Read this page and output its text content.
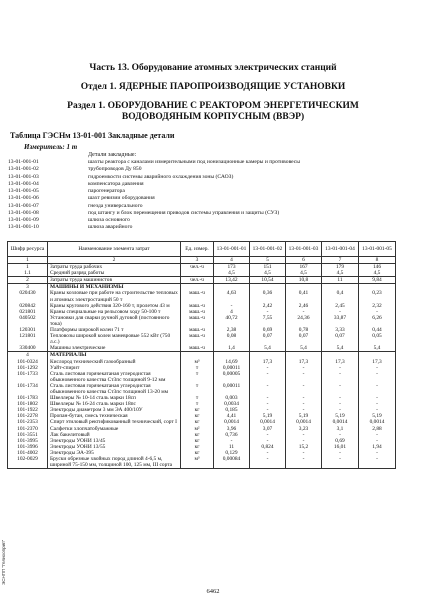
Часть 13. Оборудование атомных электрических станций
Отдел 1. ЯДЕРНЫЕ ПАРОПРОИЗВОДЯЩИЕ УСТАНОВКИ
Раздел 1. ОБОРУДОВАНИЕ С РЕАКТОРОМ ЭНЕРГЕТИЧЕСКИМ
ВОДОВОДЯНЫМ КОРПУСНЫМ (ВВЭР)
Таблица ГЭСНм 13-01-001 Закладные детали
Измеритель: 1 т
Детали закладные:
13-01-001-01	шахты реактора с каналами измерительными под ионизационные камеры и противовесы
13-01-001-02	трубопроводов Ду 850
13-01-001-03	гидроемкости системы аварийного охлаждения зоны (САОЗ)
13-01-001-04	компенсатора давления
13-01-001-05	парогенератора
13-01-001-06	шахт ревизии оборудования
13-01-001-07	гнезда универсального
13-01-001-08	под штангу и блок перемещения приводов системы управления и защиты (СУЗ)
13-01-001-09	шлюза основного
13-01-001-10	шлюза аварийного
Шифр ресурса	Наименование элемента затрат	Ед. измер.	13-01-001-01	13-01-001-02	13-01-001-03	13-01-001-04	13-01-001-05
1	2	3	4	5	6	7	8
1	Затраты труда рабочих	чел.-ч	173	151	167	179	146
1.1	Средний разряд работы		4,5	4,5	4,5	4,5	4,5
2	Затраты труда машинистов	чел.-ч	13,42	10,54	10,8	11	9,84
3	МАШИНЫ И МЕХАНИЗМЫ						
020430	Краны козловые при работе на строительстве тепловых и атомных электростанций 50 т	маш.-ч	4,63	0,36	0,41	0,4	0,23
020842	Краны кругового действия 320-160 т, пролетом 43 м	маш.-ч	-	2,42	2,46	2,45	2,32
021801	Краны специальные на рельсовом ходу 50-100 т	маш.-ч	4	-	-	-	-
040502	Установки для сварки ручной дуговой (постоянного тока)	маш.-ч	40,72	7,55	24,36	33,87	6,26
120301	Платформы широкой колеи 71 т	маш.-ч	2,38	0,69	0,78	3,33	0,44
121801	Тепловозы широкой колеи маневровые 552 кВт (750 л.с.)	маш.-ч	0,08	0,07	0,07	0,07	0,05
330400	Машины электрические	маш.-ч	1,4	5,4	5,4	5,4	5,4
4	МАТЕРИАЛЫ						
101-0324	Кислород технический газообразный	м³	14,69	17,3	17,3	17,3	17,3
101-1292	Уайт-спирит	т	0,00011	-	-	-	-
101-1733	Сталь листовая горячекатаная углеродистая обыкновенного качества Ст3пс толщиной 9-12 мм	т	0,00005	-	-	-	-
101-1734	Сталь листовая горячекатаная углеродистая обыкновенного качества Ст3пс толщиной 13-20 мм	т	0,00011	-	-	-	-
101-1783	Швеллеры № 10-14 сталь марки 18сп	т	0,003	-	-	-	-
101-1802	Швеллеры № 16-24 сталь марки 18пс	т	0,0034	-	-	-	-
101-1922	Электроды диаметром 3 мм ЭА 400/10У	кг	0,185	-	-	-	-
101-2278	Пропан-бутан, смесь техническая	кг	4,41	5,19	5,19	5,19	5,19
101-2353	Спирт этиловый ректификованный технический, сорт I	кг	0,0014	0,0014	0,0014	0,0014	0,0014
101-2370	Салфетки хлопчатобумажные	м²	3,96	3,07	3,23	3,1	2,88
101-3551	Лак бакелитовый	кг	0,736	-	-	-	-
101-3995	Электроды УОНИ 13/45	кг	-	-	-	0,69	-
101-3996	Электроды УОНИ 13/55	кг	11	0,824	15,2	16,01	1,94
101-4002	Электроды ЭА-395	кг	0,129	-	-	-	-
102-0029	Бруски обрезные хвойных пород длиной 4-6,5 м, шириной 75-150 мм, толщиной 100, 125 мм, III сорта	м³	0,00084	-	-	-	-
ЭСНПП "Гелиооприп"
6462
